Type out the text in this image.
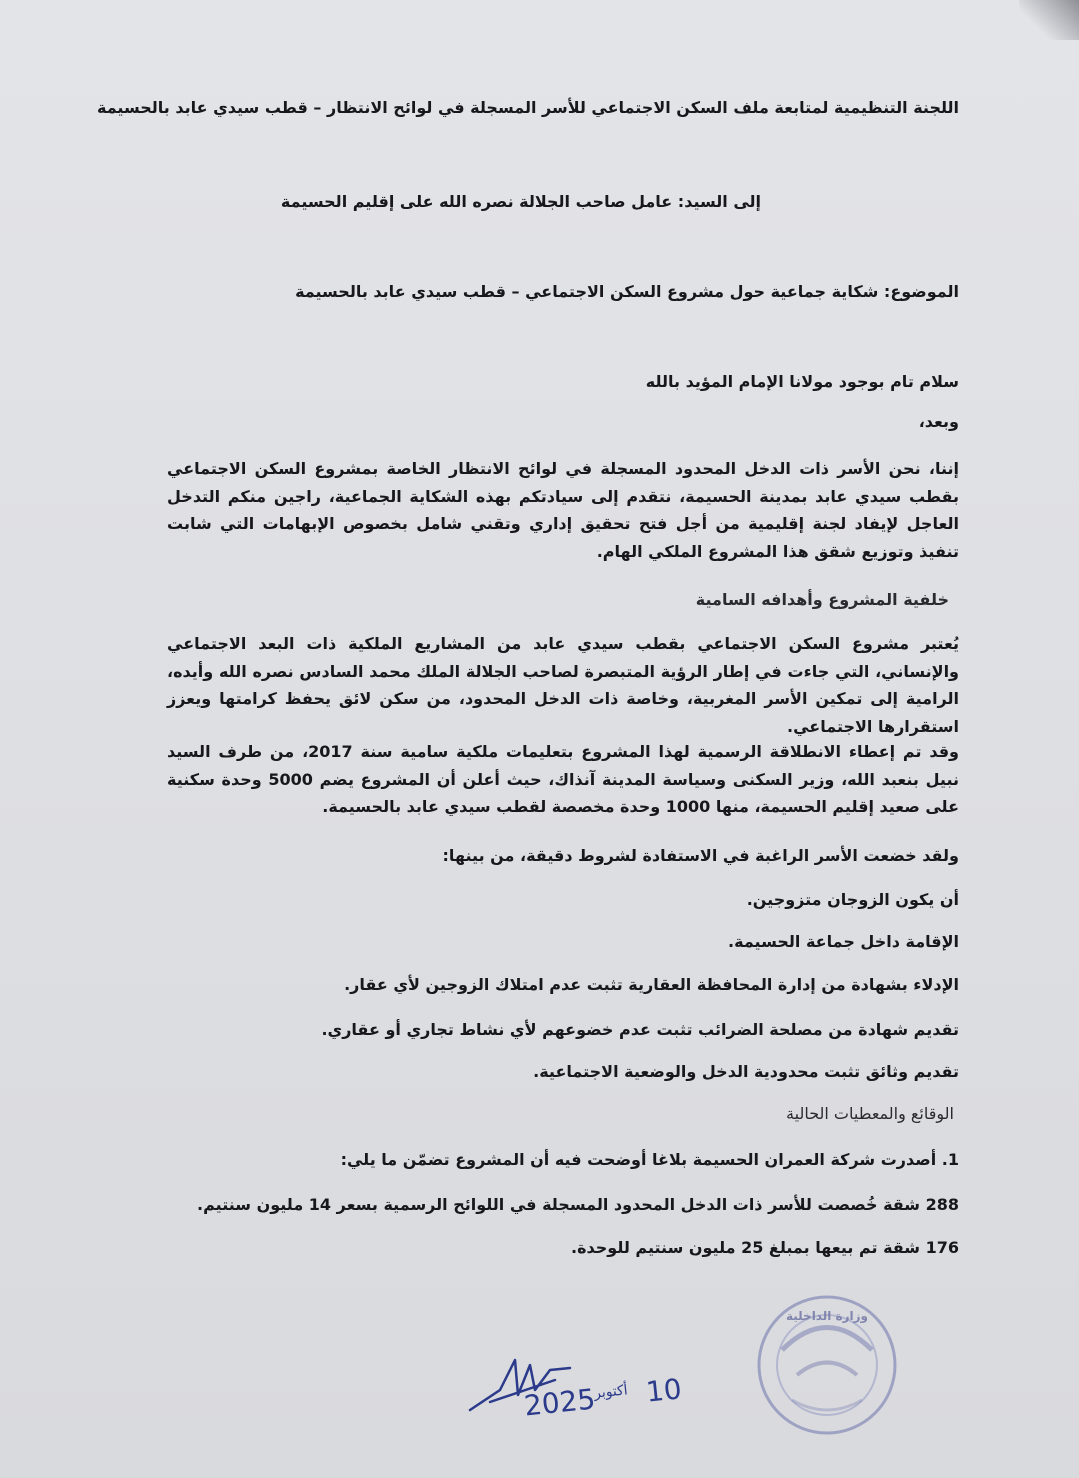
اللجنة التنظيمية لمتابعة ملف السكن الاجتماعي للأسر المسجلة في لوائح الانتظار – قطب سيدي عابد بالحسيمة
إلى السيد: عامل صاحب الجلالة نصره الله على إقليم الحسيمة
الموضوع: شكاية جماعية حول مشروع السكن الاجتماعي – قطب سيدي عابد بالحسيمة
سلام تام بوجود مولانا الإمام المؤيد بالله
وبعد،
إننا، نحن الأسر ذات الدخل المحدود المسجلة في لوائح الانتظار الخاصة بمشروع السكن الاجتماعي بقطب سيدي عابد بمدينة الحسيمة، نتقدم إلى سيادتكم بهذه الشكاية الجماعية، راجين منكم التدخل العاجل لإيفاد لجنة إقليمية من أجل فتح تحقيق إداري وتقني شامل بخصوص الإبهامات التي شابت تنفيذ وتوزيع شقق هذا المشروع الملكي الهام.
خلفية المشروع وأهدافه السامية
يُعتبر مشروع السكن الاجتماعي بقطب سيدي عابد من المشاريع الملكية ذات البعد الاجتماعي والإنساني، التي جاءت في إطار الرؤية المتبصرة لصاحب الجلالة الملك محمد السادس نصره الله وأيده، الرامية إلى تمكين الأسر المغربية، وخاصة ذات الدخل المحدود، من سكن لائق يحفظ كرامتها ويعزز استقرارها الاجتماعي.
وقد تم إعطاء الانطلاقة الرسمية لهذا المشروع بتعليمات ملكية سامية سنة 2017، من طرف السيد نبيل بنعبد الله، وزير السكنى وسياسة المدينة آنذاك، حيث أعلن أن المشروع يضم 5000 وحدة سكنية على صعيد إقليم الحسيمة، منها 1000 وحدة مخصصة لقطب سيدي عابد بالحسيمة.
ولقد خضعت الأسر الراغبة في الاستفادة لشروط دقيقة، من بينها:
أن يكون الزوجان متزوجين.
الإقامة داخل جماعة الحسيمة.
الإدلاء بشهادة من إدارة المحافظة العقارية تثبت عدم امتلاك الزوجين لأي عقار.
تقديم شهادة من مصلحة الضرائب تثبت عدم خضوعهم لأي نشاط تجاري أو عقاري.
تقديم وثائق تثبت محدودية الدخل والوضعية الاجتماعية.
الوقائع والمعطيات الحالية
1. أصدرت شركة العمران الحسيمة بلاغا أوضحت فيه أن المشروع تضمّن ما يلي:
288 شقة خُصصت للأسر ذات الدخل المحدود المسجلة في اللوائح الرسمية بسعر 14 مليون سنتيم.
176 شقة تم بيعها بمبلغ 25 مليون سنتيم للوحدة.
وزارة الداخلية
10
أكتوبر
2025
